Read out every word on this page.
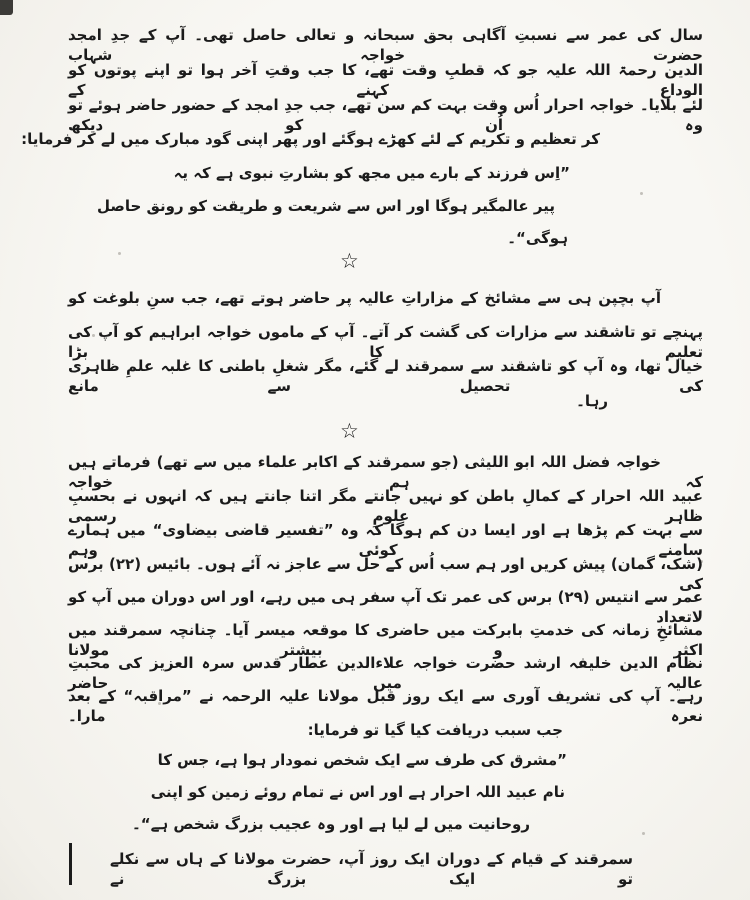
سال کی عمر سے نسبتِ آگاہی بحق سبحانہ و تعالی حاصل تھی۔ آپ کے جدِ امجد حضرت خواجہ شہاب
الدین رحمۃ اللہ علیہ جو کہ قطبِ وقت تھے، کا جب وقتِ آخر ہوا تو اپنے پوتوں کو الوداع کہنے کے
لئے بلایا۔ خواجہ احرار اُس وقت بہت کم سن تھے، جب جدِ امجد کے حضور حاضر ہوئے تو وہ اُن کو دیکھ
کر تعظیم و تکریم کے لئے کھڑے ہوگئے اور پھر اپنی گود مبارک میں لے کر فرمایا:
”اِس فرزند کے بارے میں مجھ کو بشارتِ نبوی ہے کہ یہ
پیر عالمگیر ہوگا اور اس سے شریعت و طریقت کو رونق حاصل
ہوگی“۔
☆
آپ بچپن ہی سے مشائخ کے مزاراتِ عالیہ پر حاضر ہوتے تھے، جب سنِ بلوغت کو
پہنچے تو تاشقند سے مزارات کی گشت کر آتے۔ آپ کے ماموں خواجہ ابراہیم کو آپ کی تعلیم کا بڑا
خیال تھا، وہ آپ کو تاشقند سے سمرقند لے گئے، مگر شغلِ باطنی کا غلبہ علمِ ظاہری کی تحصیل سے مانع
رہا۔
☆
خواجہ فضل اللہ ابو اللیثی (جو سمرقند کے اکابر علماء میں سے تھے) فرماتے ہیں کہ ہم خواجہ
عبید اللہ احرار کے کمالِ باطن کو نہیں جانتے مگر اتنا جانتے ہیں کہ انہوں نے بحسبِ ظاہر علومِ رسمی
سے بہت کم پڑھا ہے اور ایسا دن کم ہوگا کہ وہ ”تفسیر قاضی بیضاوی“ میں ہمارے سامنے کوئی وہم
(شک، گمان) پیش کریں اور ہم سب اُس کے حل سے عاجز نہ آئے ہوں۔ بائیس (۲۲) برس کی
عمر سے انتیس (۲۹) برس کی عمر تک آپ سفر ہی میں رہے، اور اس دوران میں آپ کو لاتعداد
مشائخِ زمانہ کی خدمتِ بابرکت میں حاضری کا موقعہ میسر آیا۔ چنانچہ سمرقند میں اکثر و بیشتر مولانا
نظام الدین خلیفہ ارشد حضرت خواجہ علاءالدین عطار قدس سرہ العزیز کی محبتِ عالیہ میں حاضر
رہے۔ آپ کی تشریف آوری سے ایک روز قبل مولانا علیہ الرحمہ نے ”مراقبہ“ کے بعد نعرہ مارا۔
جب سبب دریافت کیا گیا تو فرمایا:
”مشرق کی طرف سے ایک شخص نمودار ہوا ہے، جس کا
نام عبید اللہ احرار ہے اور اس نے تمام روئے زمین کو اپنی
روحانیت میں لے لیا ہے اور وہ عجیب بزرگ شخص ہے“۔
سمرقند کے قیام کے دوران ایک روز آپ، حضرت مولانا کے ہاں سے نکلے تو ایک بزرگ نے
